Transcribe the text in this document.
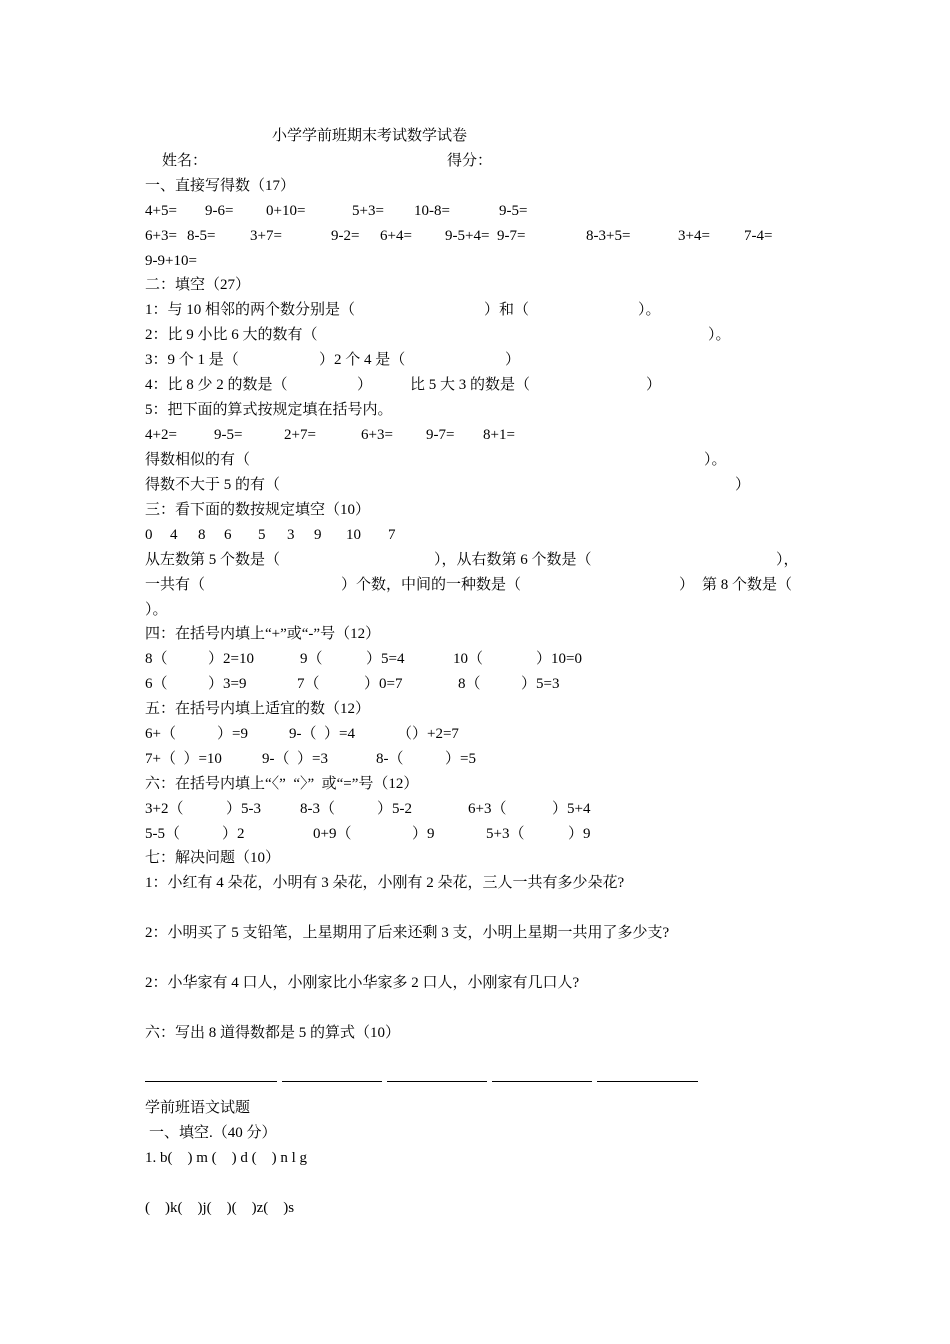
小学学前班期末考试数学试卷
姓名：	得分：
一、直接写得数（17）
4+5= 9-6= 0+10=	5+3= 10-8=	9-5=
6+3= 8-5= 3+7=	9-2= 6+4= 9-5+4= 9-7=	8-3+5=	3+4= 7-4=
9-9+10=
二：填空（27）
1：与 10 相邻的两个数分别是（	）和（	）。
2：比 9 小比 6 大的数有（	）。
3：9 个 1 是（	）2 个 4 是（	）
4：比 8 少 2 的数是（	）	比 5 大 3 的数是（	）
5：把下面的算式按规定填在括号内。
4+2= 9-5=	2+7=	6+3= 9-7= 8+1=
得数相似的有（	）。
得数不大于 5 的有（	）
三：看下面的数按规定填空（10）
0 4 8 6 5 3 9 10 7
从左数第 5 个数是（	），从右数第 6 个数是（	），
一共有（	）个数，中间的一种数是（	） 第 8 个数是（
）。
四：在括号内填上“+”或“-”号（12）
8（	）2=10	9（	）5=4	10（	）10=0
6（	）3=9	7（	）0=7	8（	）5=3
五：在括号内填上适宜的数（12）
6+（	）=9	9-（  ）=4	（）+2=7
7+（  ）=10	9-（  ）=3	8-（	）=5
六：在括号内填上“〈”  “〉”  或“=”号（12）
3+2（	）5-3	8-3（	）5-2	6+3（	）5+4
5-5（	）2	0+9（	）9	5+3（	）9
七：解决问题（10）
1：小红有 4 朵花，小明有 3 朵花，小刚有 2 朵花，三人一共有多少朵花?
2：小明买了 5 支铅笔，上星期用了后来还剩 3 支，小明上星期一共用了多少支?
2：小华家有 4 口人，小刚家比小华家多 2 口人，小刚家有几口人?
六：写出 8 道得数都是 5 的算式（10）
学前班语文试题
一、填空.（40 分）
1. b(    ) m (    ) d (    ) n l g
(    )k(    )j(    )(    )z(    )s
